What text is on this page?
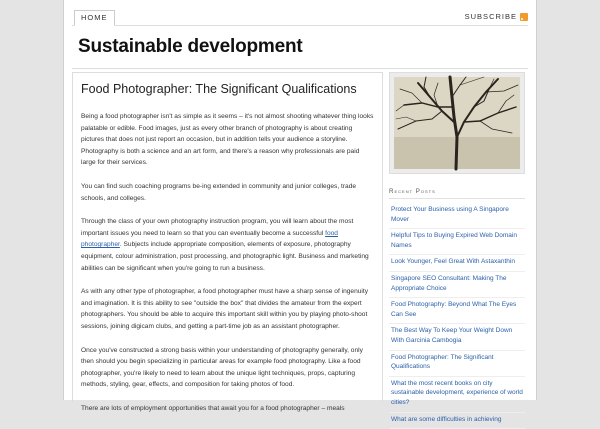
HOME	SUBSCRIBE
Sustainable development
Food Photographer: The Significant Qualifications

Being a food photographer isn't as simple as it seems – it's not almost shooting whatever thing looks palatable or edible. Food images, just as every other branch of photography is about creating pictures that does not just report an occasion, but in addition tells your audience a storyline. Photography is both a science and an art form, and there's a reason why professionals are paid large for their services.

You can find such coaching programs be-ing extended in community and junior colleges, trade schools, and colleges.

Through the class of your own photography instruction program, you will learn about the most important issues you need to learn so that you can eventually become a successful food photographer. Subjects include appropriate composition, elements of exposure, photography equipment, colour administration, post processing, and photographic light. Business and marketing abilities can be significant when you're going to run a business.

As with any other type of photographer, a food photographer must have a sharp sense of ingenuity and imagination. It is this ability to see "outside the box" that divides the amateur from the expert photographers. You should be able to acquire this important skill within you by playing photo-shoot sessions, joining digicam clubs, and getting a part-time job as an assistant photographer.

Once you've constructed a strong basis within your understanding of photography generally, only then should you begin specializing in particular areas for example food photography. Like a food photographer, you're likely to need to learn about the unique light techniques, props, capturing methods, styling, gear, effects, and composition for taking photos of food.

There are lots of employment opportunities that await you for a food photographer – meals

Recent Posts
Protect Your Business using A Singapore Mover
Helpful Tips to Buying Expired Web Domain Names
Look Younger, Feel Great With Astaxanthin
Singapore SEO Consultant: Making The Appropriate Choice
Food Photography: Beyond What The Eyes Can See
The Best Way To Keep Your Weight Down With Garcinia Cambogia
Food Photographer: The Significant Qualifications
What the most recent books on city sustainable development, experience of world cities?
What are some difficulties in achieving
